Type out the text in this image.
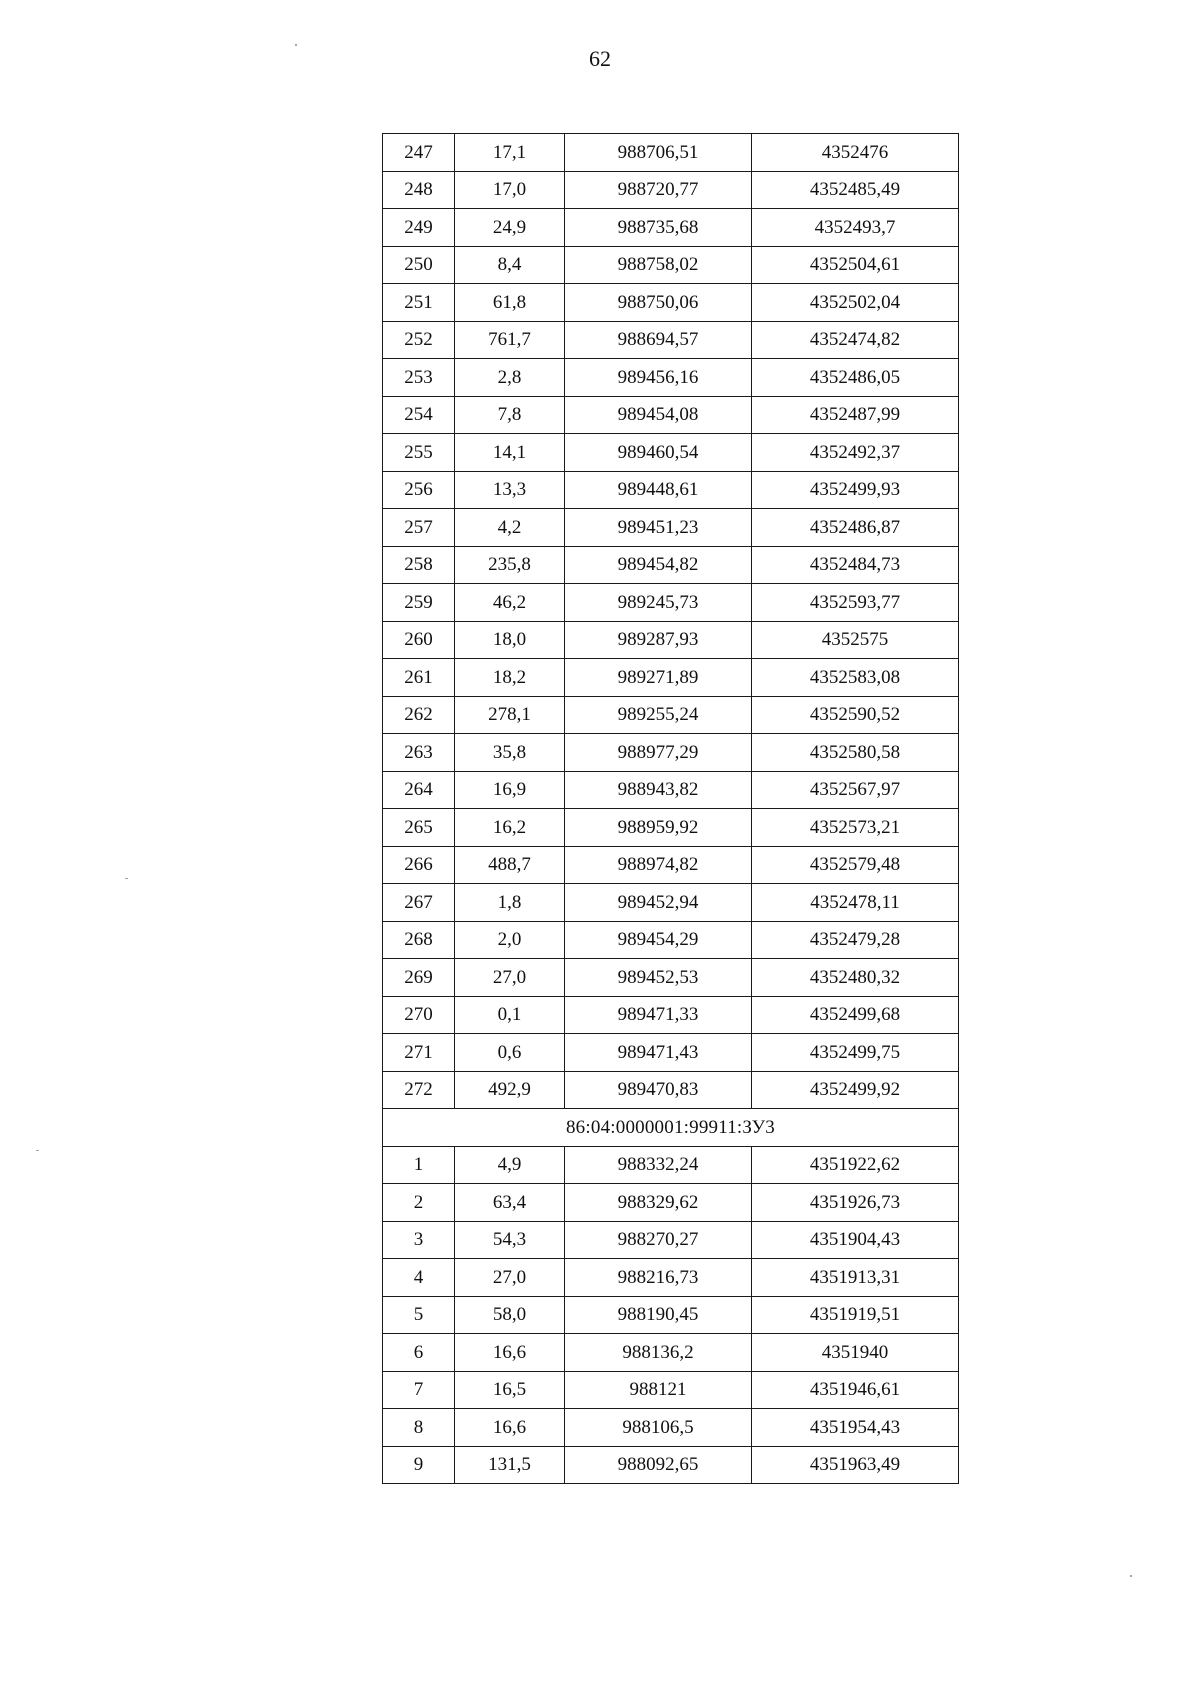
62
247	17,1	988706,51	4352476
248	17,0	988720,77	4352485,49
249	24,9	988735,68	4352493,7
250	8,4	988758,02	4352504,61
251	61,8	988750,06	4352502,04
252	761,7	988694,57	4352474,82
253	2,8	989456,16	4352486,05
254	7,8	989454,08	4352487,99
255	14,1	989460,54	4352492,37
256	13,3	989448,61	4352499,93
257	4,2	989451,23	4352486,87
258	235,8	989454,82	4352484,73
259	46,2	989245,73	4352593,77
260	18,0	989287,93	4352575
261	18,2	989271,89	4352583,08
262	278,1	989255,24	4352590,52
263	35,8	988977,29	4352580,58
264	16,9	988943,82	4352567,97
265	16,2	988959,92	4352573,21
266	488,7	988974,82	4352579,48
267	1,8	989452,94	4352478,11
268	2,0	989454,29	4352479,28
269	27,0	989452,53	4352480,32
270	0,1	989471,33	4352499,68
271	0,6	989471,43	4352499,75
272	492,9	989470,83	4352499,92
86:04:0000001:99911:ЗУ3			
1	4,9	988332,24	4351922,62
2	63,4	988329,62	4351926,73
3	54,3	988270,27	4351904,43
4	27,0	988216,73	4351913,31
5	58,0	988190,45	4351919,51
6	16,6	988136,2	4351940
7	16,5	988121	4351946,61
8	16,6	988106,5	4351954,43
9	131,5	988092,65	4351963,49
